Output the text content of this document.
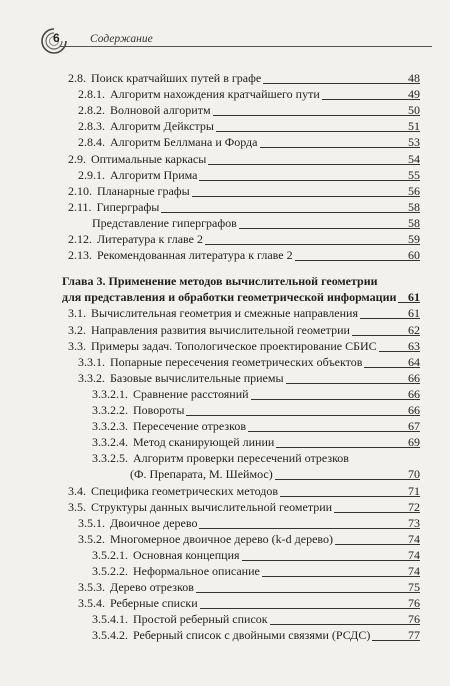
6	Содержание
2.8. Поиск кратчайших путей в графе	48
2.8.1. Алгоритм нахождения кратчайшего пути	49
2.8.2. Волновой алгоритм	50
2.8.3. Алгоритм Дейкстры	51
2.8.4. Алгоритм Беллмана и Форда	53
2.9. Оптимальные каркасы	54
2.9.1. Алгоритм Прима	55
2.10. Планарные графы	56
2.11. Гиперграфы	58
Представление гиперграфов	58
2.12. Литература к главе 2	59
2.13. Рекомендованная литература к главе 2	60
Глава 3. Применение методов вычислительной геометрии
для представления и обработки геометрической информации 61
3.1. Вычислительная геометрия и смежные направления	61
3.2. Направления развития вычислительной геометрии	62
3.3. Примеры задач. Топологическое проектирование СБИС	63
3.3.1. Попарные пересечения геометрических объектов	64
3.3.2. Базовые вычислительные приемы	66
3.3.2.1. Сравнение расстояний	66
3.3.2.2. Повороты	66
3.3.2.3. Пересечение отрезков	67
3.3.2.4. Метод сканирующей линии	69
3.3.2.5. Алгоритм проверки пересечений отрезков
(Ф. Препарата, М. Шеймос)	70
3.4. Специфика геометрических методов	71
3.5. Структуры данных вычислительной геометрии	72
3.5.1. Двоичное дерево	73
3.5.2. Многомерное двоичное дерево (k-d дерево)	74
3.5.2.1. Основная концепция	74
3.5.2.2. Неформальное описание	74
3.5.3. Дерево отрезков	75
3.5.4. Реберные списки	76
3.5.4.1. Простой реберный список	76
3.5.4.2. Реберный список с двойными связями (РСДС)	77
